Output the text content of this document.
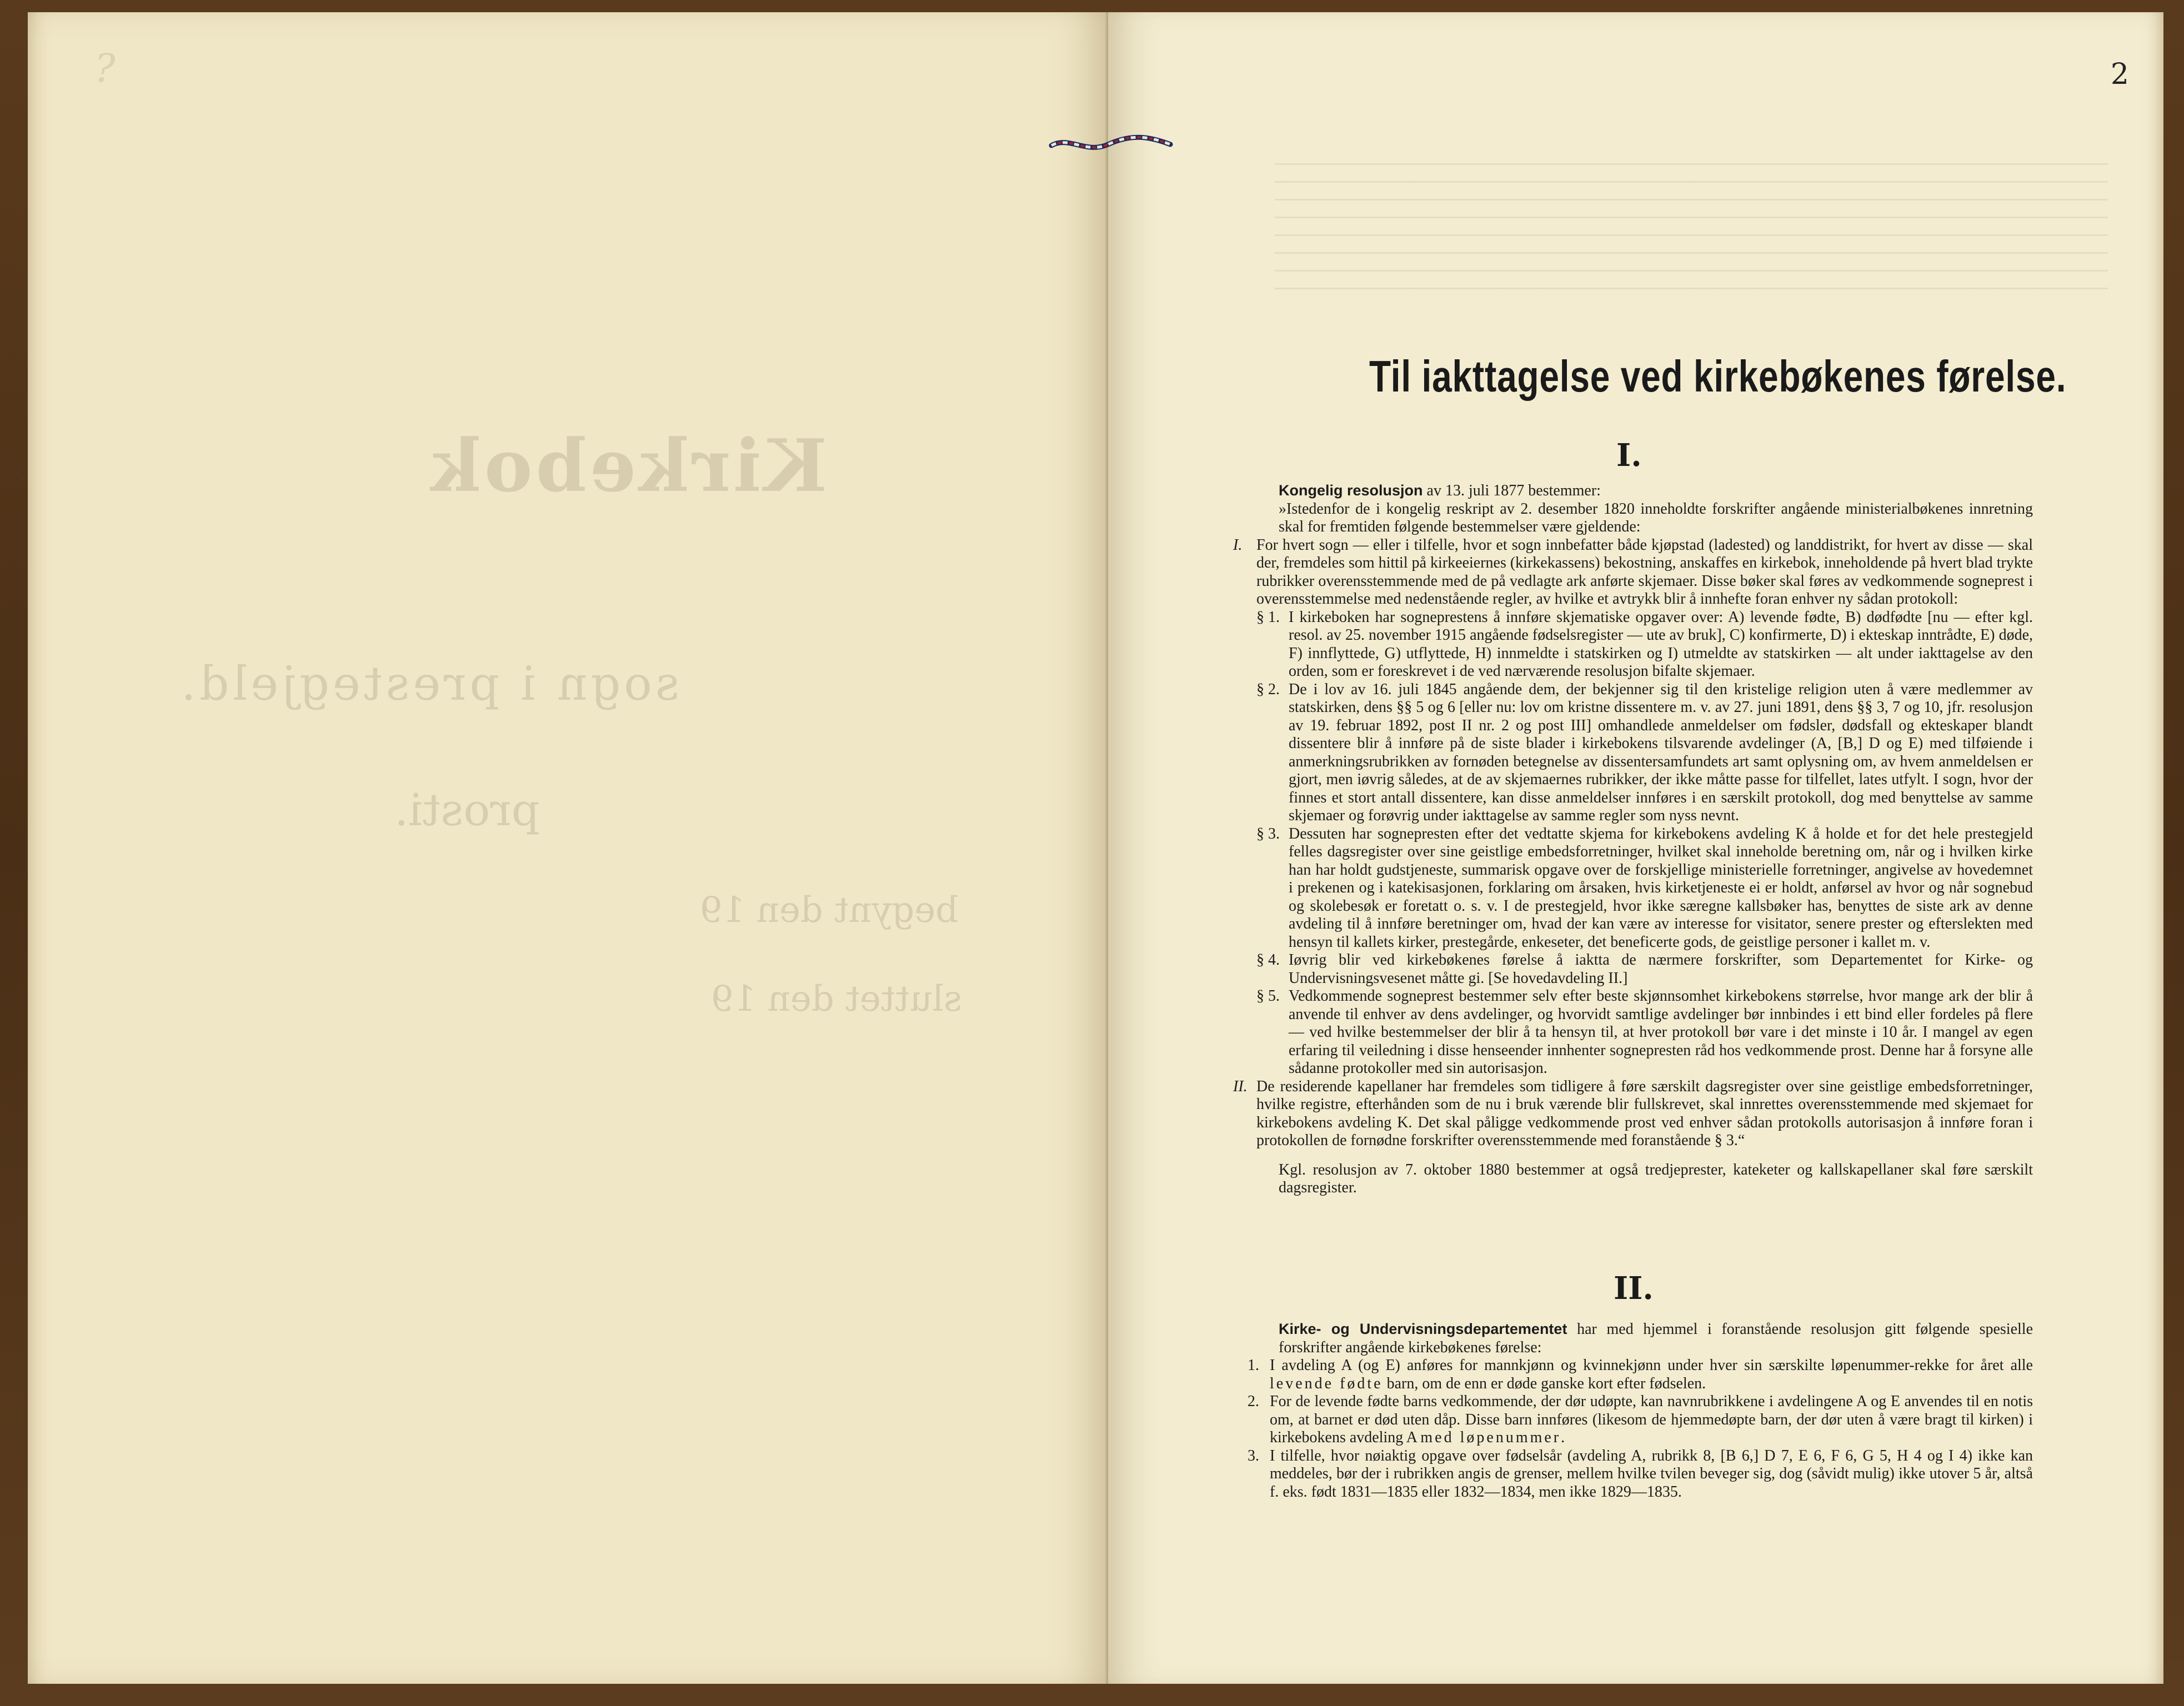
?
Kirkebok
sogn i prestegjeld.
prosti.
begynt den 19
sluttet den 19
2
Til iakttagelse ved kirkebøkenes førelse.
I.

Kongelig resolusjon av 13. juli 1877 bestemmer:

»Istedenfor de i kongelig reskript av 2. desember 1820 inneholdte forskrifter angående ministerialbøkenes innretning skal for fremtiden følgende bestemmelser være gjeldende:

I. For hvert sogn — eller i tilfelle, hvor et sogn innbefatter både kjøpstad (ladested) og landdistrikt, for hvert av disse — skal der, fremdeles som hittil på kirkeeiernes (kirkekassens) bekostning, anskaffes en kirkebok, inneholdende på hvert blad trykte rubrikker overensstemmende med de på vedlagte ark anførte skjemaer. Disse bøker skal føres av vedkommende sogneprest i overensstemmelse med nedenstående regler, av hvilke et avtrykk blir å innhefte foran enhver ny sådan protokoll:
§ 1. I kirkeboken har sogneprestens å innføre skjematiske opgaver over: A) levende fødte, B) dødfødte [nu — efter kgl. resol. av 25. november 1915 angående fødselsregister — ute av bruk], C) konfirmerte, D) i ekteskap inntrådte, E) døde, F) innflyttede, G) utflyttede, H) innmeldte i statskirken og I) utmeldte av statskirken — alt under iakttagelse av den orden, som er foreskrevet i de ved nærværende resolusjon bifalte skjemaer.
§ 2. De i lov av 16. juli 1845 angående dem, der bekjenner sig til den kristelige religion uten å være medlemmer av statskirken, dens §§ 5 og 6 [eller nu: lov om kristne dissentere m. v. av 27. juni 1891, dens §§ 3, 7 og 10, jfr. resolusjon av 19. februar 1892, post II nr. 2 og post III] omhandlede anmeldelser om fødsler, dødsfall og ekteskaper blandt dissentere blir å innføre på de siste blader i kirkebokens tilsvarende avdelinger (A, [B,] D og E) med tilføiende i anmerkningsrubrikken av fornøden betegnelse av dissentersamfundets art samt oplysning om, av hvem anmeldelsen er gjort, men iøvrig således, at de av skjemaernes rubrikker, der ikke måtte passe for tilfellet, lates utfylt. I sogn, hvor der finnes et stort antall dissentere, kan disse anmeldelser innføres i en særskilt protokoll, dog med benyttelse av samme skjemaer og forøvrig under iakttagelse av samme regler som nyss nevnt.
§ 3. Dessuten har sognepresten efter det vedtatte skjema for kirkebokens avdeling K å holde et for det hele prestegjeld felles dagsregister over sine geistlige embedsforretninger, hvilket skal inneholde beretning om, når og i hvilken kirke han har holdt gudstjeneste, summarisk opgave over de forskjellige ministerielle forretninger, angivelse av hovedemnet i prekenen og i katekisasjonen, forklaring om årsaken, hvis kirketjeneste ei er holdt, anførsel av hvor og når sognebud og skolebesøk er foretatt o. s. v. I de prestegjeld, hvor ikke særegne kallsbøker has, benyttes de siste ark av denne avdeling til å innføre beretninger om, hvad der kan være av interesse for visitator, senere prester og efterslekten med hensyn til kallets kirker, prestegårde, enkeseter, det beneficerte gods, de geistlige personer i kallet m. v.
§ 4. Iøvrig blir ved kirkebøkenes førelse å iaktta de nærmere forskrifter, som Departementet for Kirke- og Undervisningsvesenet måtte gi. [Se hovedavdeling II.]
§ 5. Vedkommende sogneprest bestemmer selv efter beste skjønnsomhet kirkebokens størrelse, hvor mange ark der blir å anvende til enhver av dens avdelinger, og hvorvidt samtlige avdelinger bør innbindes i ett bind eller fordeles på flere — ved hvilke bestemmelser der blir å ta hensyn til, at hver protokoll bør vare i det minste i 10 år. I mangel av egen erfaring til veiledning i disse henseender innhenter sognepresten råd hos vedkommende prost. Denne har å forsyne alle sådanne protokoller med sin autorisasjon.
II. De residerende kapellaner har fremdeles som tidligere å føre særskilt dagsregister over sine geistlige embedsforretninger, hvilke registre, efterhånden som de nu i bruk værende blir fullskrevet, skal innrettes overensstemmende med skjemaet for kirkebokens avdeling K. Det skal påligge vedkommende prost ved enhver sådan protokolls autorisasjon å innføre foran i protokollen de fornødne forskrifter overensstemmende med foranstående § 3.“

Kgl. resolusjon av 7. oktober 1880 bestemmer at også tredjeprester, kateketer og kallskapellaner skal føre særskilt dagsregister.

II.

Kirke- og Undervisningsdepartementet har med hjemmel i foranstående resolusjon gitt følgende spesielle forskrifter angående kirkebøkenes førelse:

1. I avdeling A (og E) anføres for mannkjønn og kvinnekjønn under hver sin særskilte løpenummer-rekke for året alle levende fødte barn, om de enn er døde ganske kort efter fødselen.
2. For de levende fødte barns vedkommende, der dør udøpte, kan navnrubrikkene i avdelingene A og E anvendes til en notis om, at barnet er død uten dåp. Disse barn innføres (likesom de hjemmedøpte barn, der dør uten å være bragt til kirken) i kirkebokens avdeling A med løpenummer.
3. I tilfelle, hvor nøiaktig opgave over fødselsår (avdeling A, rubrikk 8, [B 6,] D 7, E 6, F 6, G 5, H 4 og I 4) ikke kan meddeles, bør der i rubrikken angis de grenser, mellem hvilke tvilen beveger sig, dog (såvidt mulig) ikke utover 5 år, altså f. eks. født 1831—1835 eller 1832—1834, men ikke 1829—1835.
